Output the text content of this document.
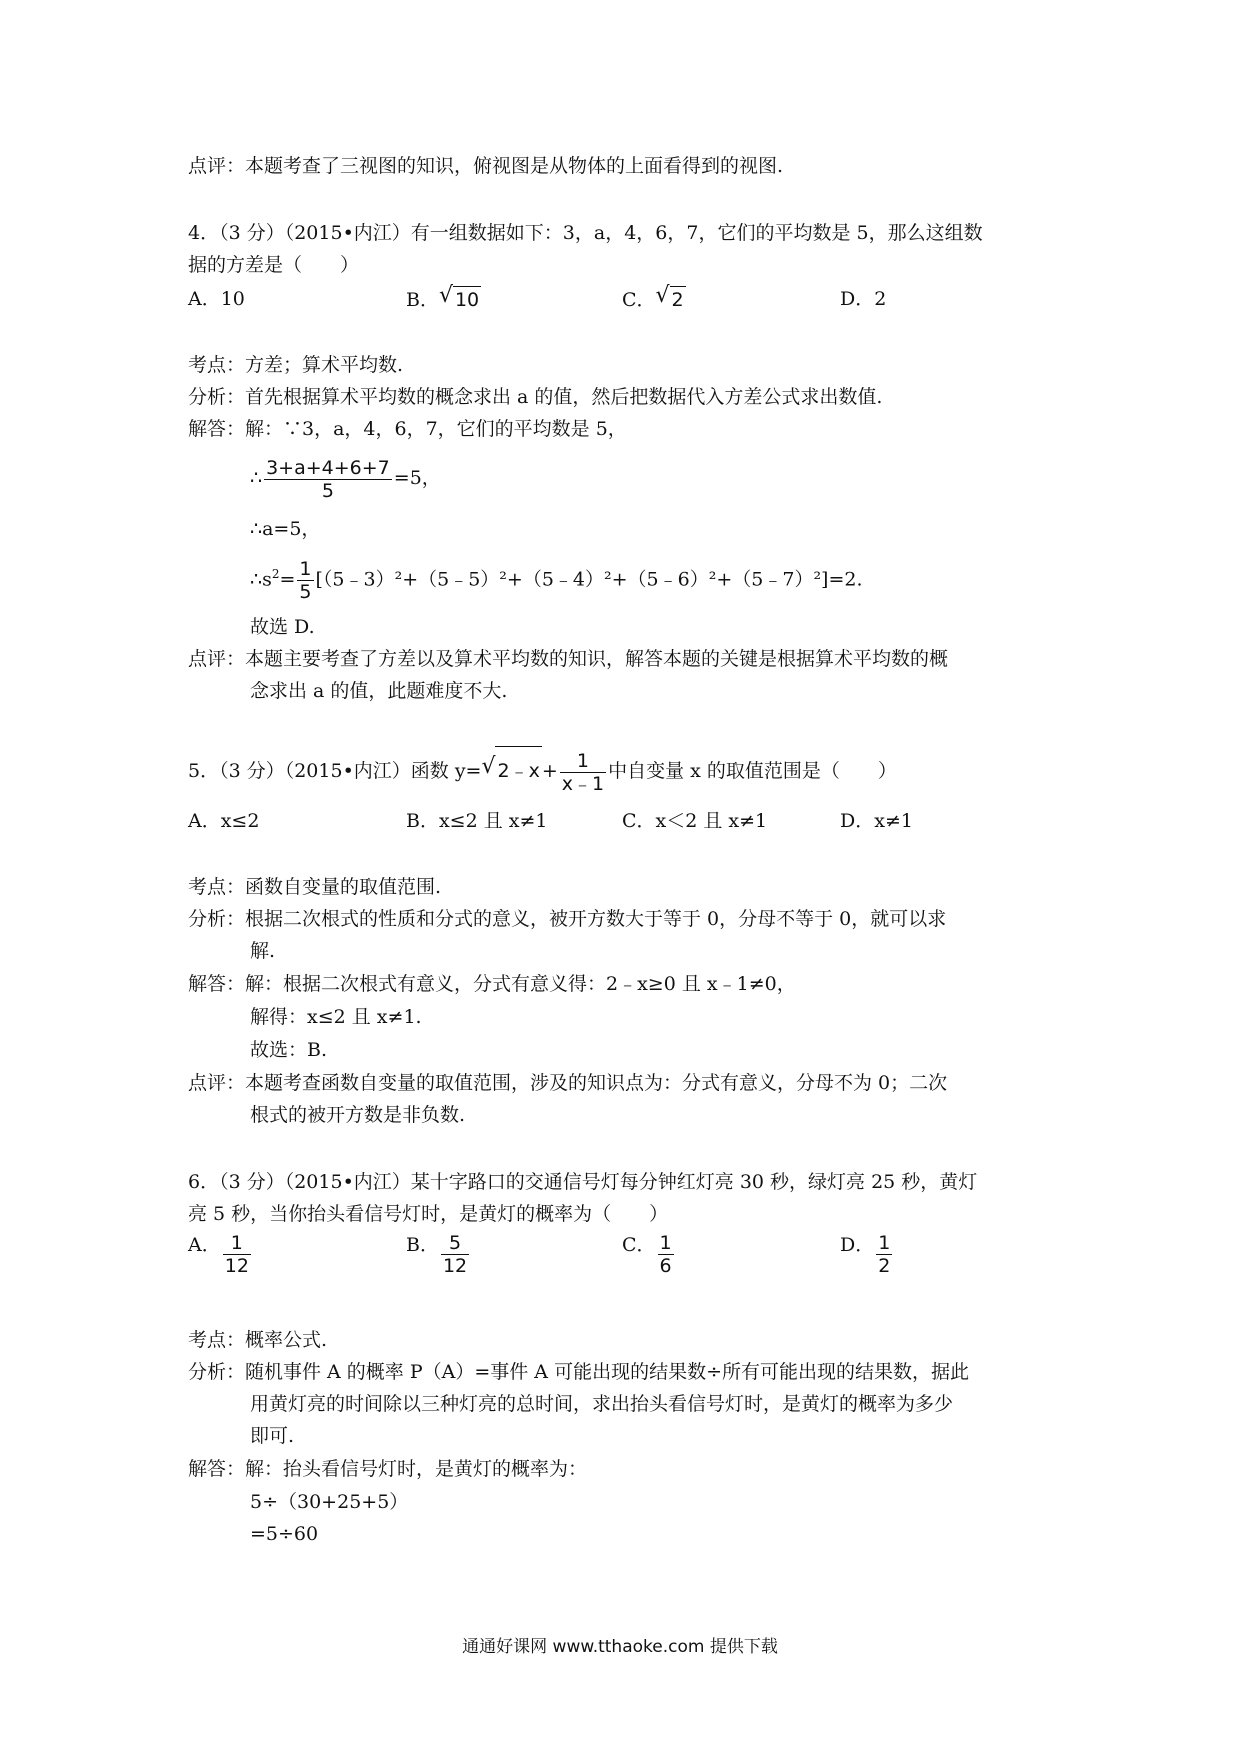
点评：本题考查了三视图的知识，俯视图是从物体的上面看得到的视图.
4．（3 分）（2015•内江）有一组数据如下：3，a，4，6，7，它们的平均数是 5，那么这组数
据的方差是（　　）
A．10	B． √ 10	C． √ 2	D．2
考点：方差；算术平均数.
分析：首先根据算术平均数的概念求出 a 的值，然后把数据代入方差公式求出数值.
解答：解：∵3，a，4，6，7，它们的平均数是 5，
∴ $\frac{3+a+4+6+7}{5} =5$，
∴a=5，
$\therefore s^2= \frac{1}{5}$ [（5﹣3）²+（5﹣5）²+（5﹣4）²+（5﹣6）²+（5﹣7）²]=2.
故选 D.
点评：本题主要考查了方差以及算术平均数的知识，解答本题的关键是根据算术平均数的概
念求出 a 的值，此题难度不大.
5．（3 分）（2015•内江）函数 y= √ 2﹣x + $\frac{1}{x﹣1}$ 中自变量 x 的取值范围是（　　）
A．x≤2	B．x≤2 且 x≠1	C．x＜2 且 x≠1	D．x≠1
考点：函数自变量的取值范围.
分析：根据二次根式的性质和分式的意义，被开方数大于等于 0，分母不等于 0，就可以求
解.
解答：解：根据二次根式有意义，分式有意义得：2﹣x≥0 且 x﹣1≠0，
解得：x≤2 且 x≠1.
故选：B.
点评：本题考查函数自变量的取值范围，涉及的知识点为：分式有意义，分母不为 0；二次
根式的被开方数是非负数.
6．（3 分）（2015•内江）某十字路口的交通信号灯每分钟红灯亮 30 秒，绿灯亮 25 秒，黄灯
亮 5 秒，当你抬头看信号灯时，是黄灯的概率为（　　）
A． $\frac{1}{12}$	B． $\frac{5}{12}$	C． $\frac{1}{6}$	D． $\frac{1}{2}$
考点：概率公式.
分析：随机事件 A 的概率 P（A）=事件 A 可能出现的结果数÷所有可能出现的结果数，据此
用黄灯亮的时间除以三种灯亮的总时间，求出抬头看信号灯时，是黄灯的概率为多少
即可.
解答：解：抬头看信号灯时，是黄灯的概率为：
5÷（30+25+5）
=5÷60
通通好课网 www.tthaoke.com 提供下载
